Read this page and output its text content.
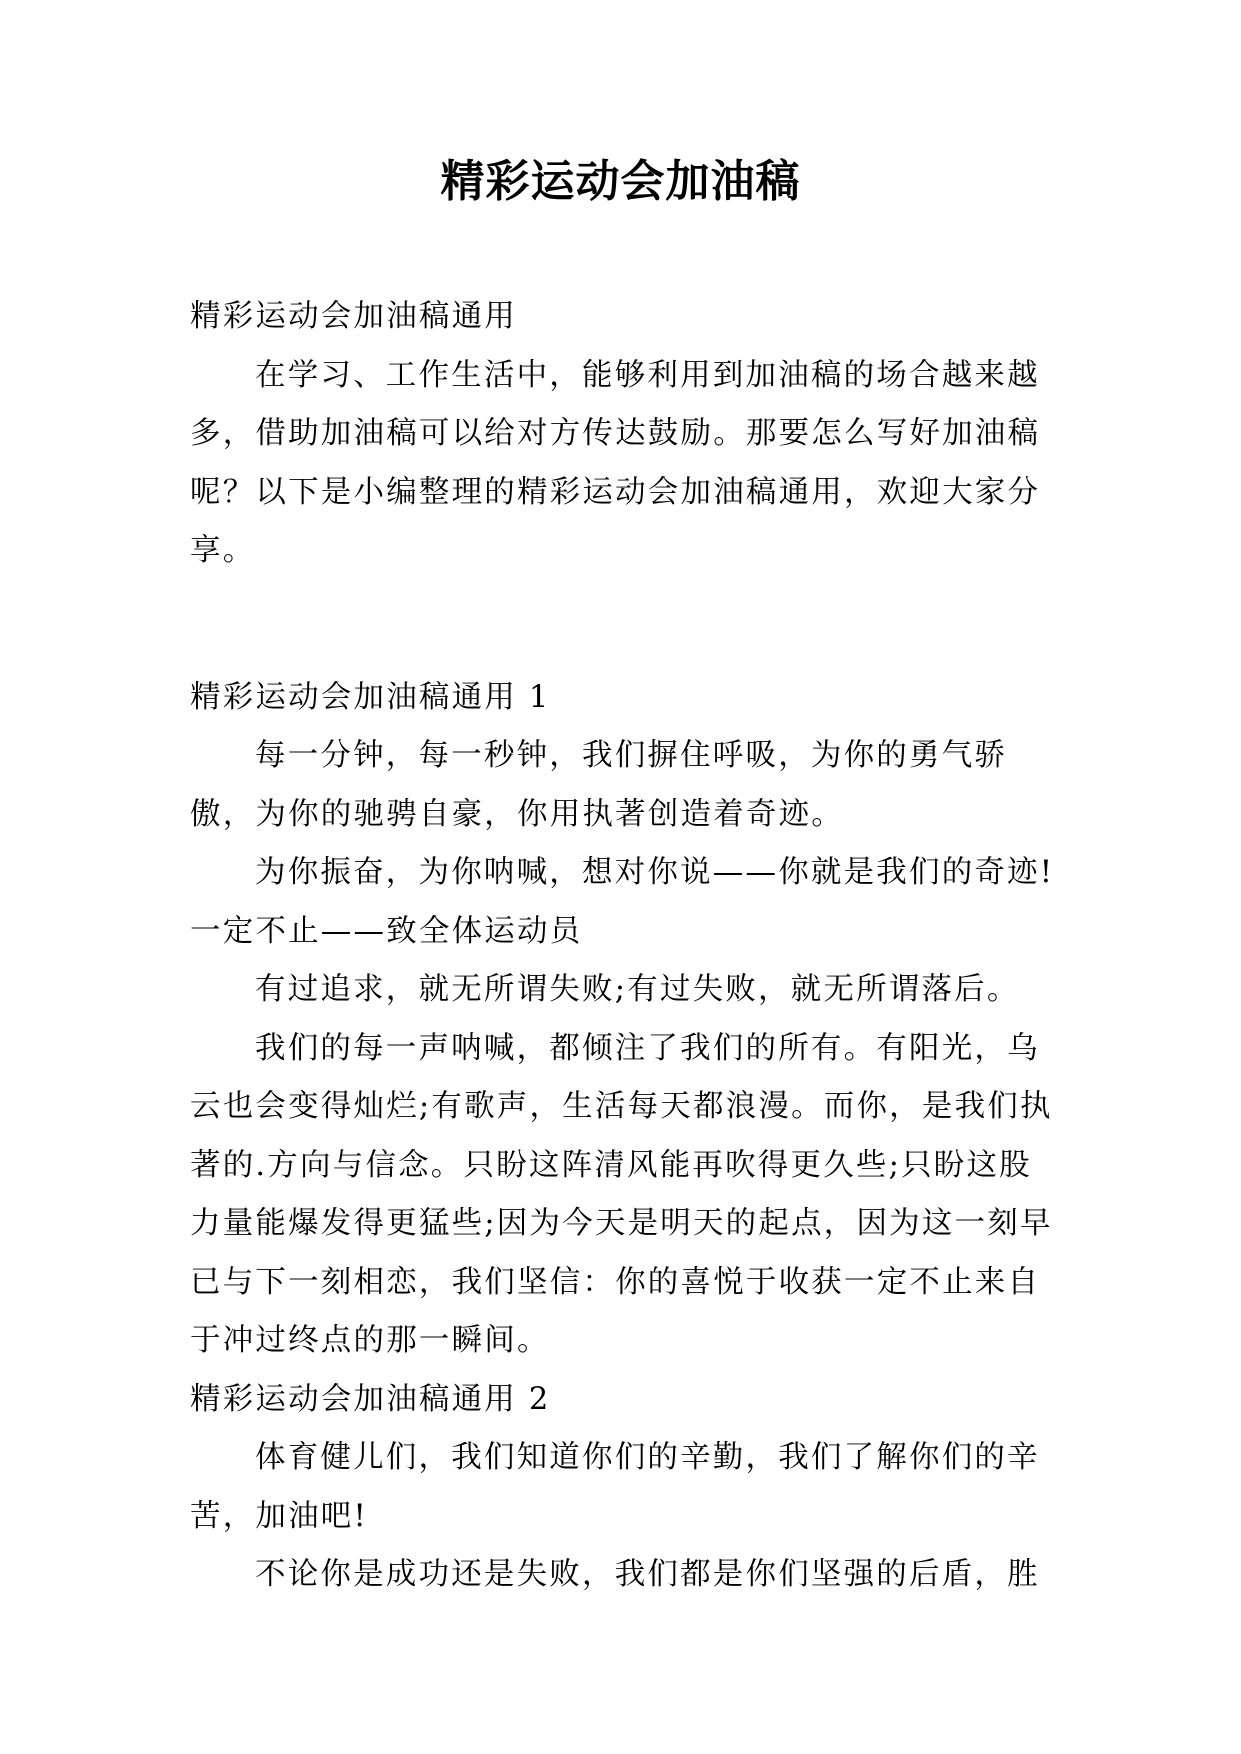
精彩运动会加油稿

精彩运动会加油稿通用

在学习、工作生活中，能够利用到加油稿的场合越来越多，借助加油稿可以给对方传达鼓励。那要怎么写好加油稿呢？以下是小编整理的精彩运动会加油稿通用，欢迎大家分享。

精彩运动会加油稿通用 1

每一分钟，每一秒钟，我们摒住呼吸，为你的勇气骄傲，为你的驰骋自豪，你用执著创造着奇迹。

为你振奋，为你呐喊，想对你说——你就是我们的奇迹!

一定不止——致全体运动员

有过追求，就无所谓失败;有过失败，就无所谓落后。

我们的每一声呐喊，都倾注了我们的所有。有阳光，乌云也会变得灿烂;有歌声，生活每天都浪漫。而你，是我们执著的.方向与信念。只盼这阵清风能再吹得更久些;只盼这股力量能爆发得更猛些;因为今天是明天的起点，因为这一刻早已与下一刻相恋，我们坚信：你的喜悦于收获一定不止来自于冲过终点的那一瞬间。

精彩运动会加油稿通用 2

体育健儿们，我们知道你们的辛勤，我们了解你们的辛苦，加油吧!

不论你是成功还是失败，我们都是你们坚强的后盾，胜
